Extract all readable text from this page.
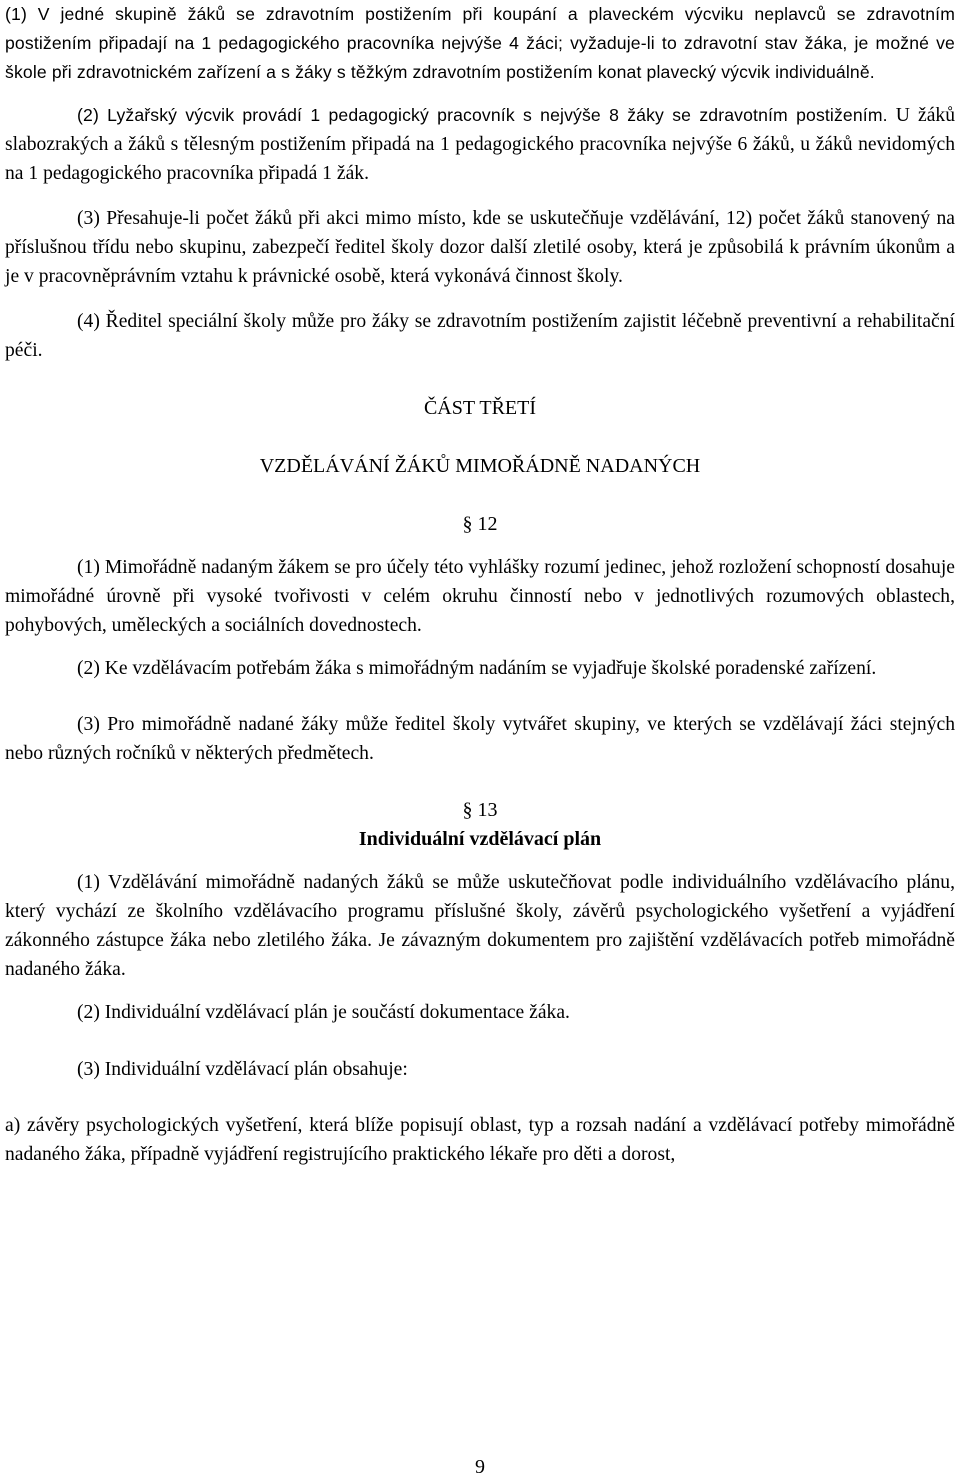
(1) V jedné skupině žáků se zdravotním postižením při koupání a plaveckém výcviku neplavců se zdravotním postižením připadají na 1 pedagogického pracovníka nejvýše 4 žáci; vyžaduje-li to zdravotní stav žáka, je možné ve škole při zdravotnickém zařízení a s žáky s těžkým zdravotním postižením konat plavecký výcvik individuálně.

(2) Lyžařský výcvik provádí 1 pedagogický pracovník s nejvýše 8 žáky se zdravotním postižením. U žáků slabozrakých a žáků s tělesným postižením připadá na 1 pedagogického pracovníka nejvýše 6 žáků, u žáků nevidomých na 1 pedagogického pracovníka připadá 1 žák.

(3) Přesahuje-li počet žáků při akci mimo místo, kde se uskutečňuje vzdělávání, 12) počet žáků stanovený na příslušnou třídu nebo skupinu, zabezpečí ředitel školy dozor další zletilé osoby, která je způsobilá k právním úkonům a je v pracovněprávním vztahu k právnické osobě, která vykonává činnost školy.

(4) Ředitel speciální školy může pro žáky se zdravotním postižením zajistit léčebně preventivní a rehabilitační péči.

ČÁST TŘETÍ

VZDĚLÁVÁNÍ ŽÁKŮ MIMOŘÁDNĚ NADANÝCH

§ 12

(1) Mimořádně nadaným žákem se pro účely této vyhlášky rozumí jedinec, jehož rozložení schopností dosahuje mimořádné úrovně při vysoké tvořivosti v celém okruhu činností nebo v jednotlivých rozumových oblastech, pohybových, uměleckých a sociálních dovednostech.

(2) Ke vzdělávacím potřebám žáka s mimořádným nadáním se vyjadřuje školské poradenské zařízení.

(3) Pro mimořádně nadané žáky může ředitel školy vytvářet skupiny, ve kterých se vzdělávají žáci stejných nebo různých ročníků v některých předmětech.

§ 13

Individuální vzdělávací plán

(1) Vzdělávání mimořádně nadaných žáků se může uskutečňovat podle individuálního vzdělávacího plánu, který vychází ze školního vzdělávacího programu příslušné školy, závěrů psychologického vyšetření a vyjádření zákonného zástupce žáka nebo zletilého žáka. Je závazným dokumentem pro zajištění vzdělávacích potřeb mimořádně nadaného žáka.

(2) Individuální vzdělávací plán je součástí dokumentace žáka.

(3) Individuální vzdělávací plán obsahuje:

a) závěry psychologických vyšetření, která blíže popisují oblast, typ a rozsah nadání a vzdělávací potřeby mimořádně nadaného žáka, případně vyjádření registrujícího praktického lékaře pro děti a dorost,

9
